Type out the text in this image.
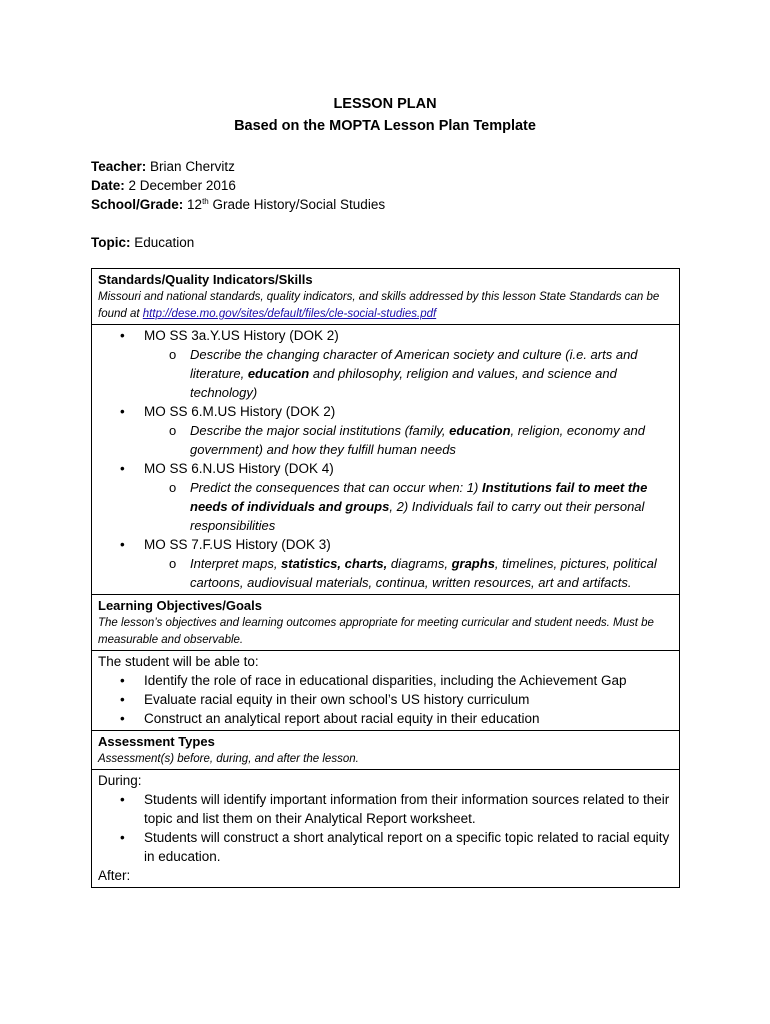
LESSON PLAN
Based on the MOPTA Lesson Plan Template
Teacher: Brian Chervitz
Date: 2 December 2016
School/Grade: 12th Grade History/Social Studies
Topic: Education
Standards/Quality Indicators/Skills
Missouri and national standards, quality indicators, and skills addressed by this lesson State Standards can be found at http://dese.mo.gov/sites/default/files/cle-social-studies.pdf
• MO SS 3a.Y.US History (DOK 2)
o Describe the changing character of American society and culture (i.e. arts and literature, education and philosophy, religion and values, and science and technology)
• MO SS 6.M.US History (DOK 2)
o Describe the major social institutions (family, education, religion, economy and government) and how they fulfill human needs
• MO SS 6.N.US History (DOK 4)
o Predict the consequences that can occur when: 1) Institutions fail to meet the needs of individuals and groups, 2) Individuals fail to carry out their personal responsibilities
• MO SS 7.F.US History (DOK 3)
o Interpret maps, statistics, charts, diagrams, graphs, timelines, pictures, political cartoons, audiovisual materials, continua, written resources, art and artifacts.
Learning Objectives/Goals
The lesson’s objectives and learning outcomes appropriate for meeting curricular and student needs. Must be measurable and observable.
The student will be able to:
• Identify the role of race in educational disparities, including the Achievement Gap
• Evaluate racial equity in their own school’s US history curriculum
• Construct an analytical report about racial equity in their education
Assessment Types
Assessment(s) before, during, and after the lesson.
During:
• Students will identify important information from their information sources related to their topic and list them on their Analytical Report worksheet.
• Students will construct a short analytical report on a specific topic related to racial equity in education.
After:
